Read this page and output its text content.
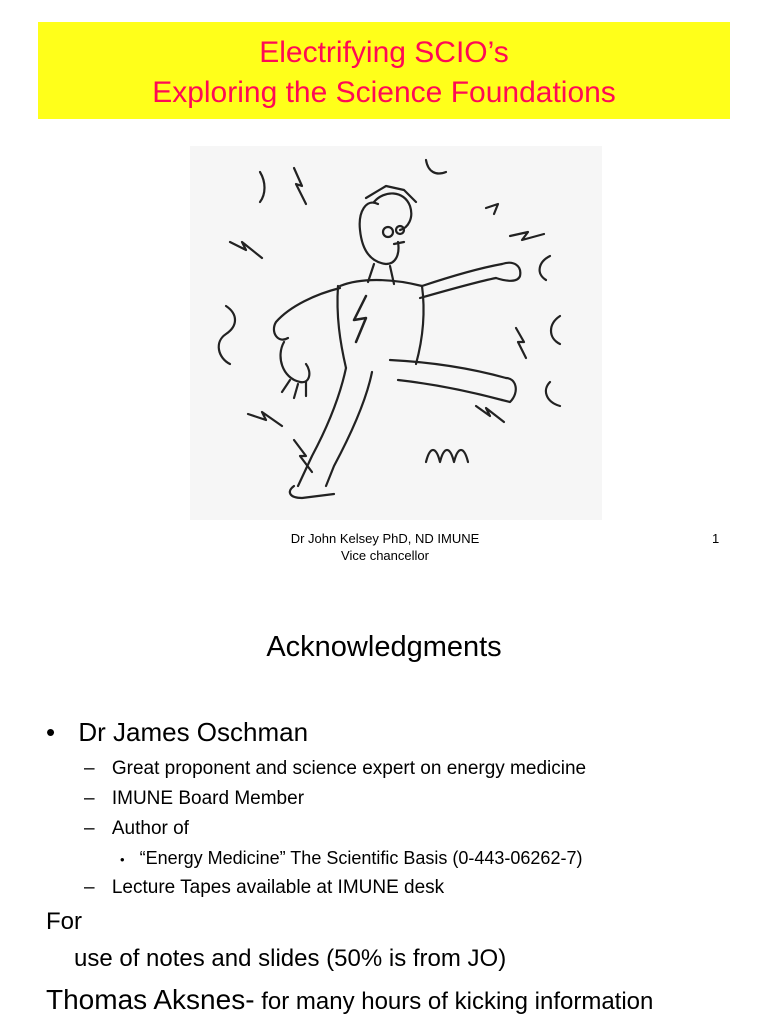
Electrifying SCIO’s
Exploring the Science Foundations
Dr John Kelsey PhD, ND IMUNE
Vice chancellor
1
Acknowledgments
• Dr James Oschman
– Great proponent and science expert on energy medicine
– IMUNE Board Member
– Author of
• “Energy Medicine” The Scientific Basis (0-443-06262-7)
– Lecture Tapes available at IMUNE desk
For
use of notes and slides (50% is from JO)
Thomas Aksnes- for many hours of kicking information
